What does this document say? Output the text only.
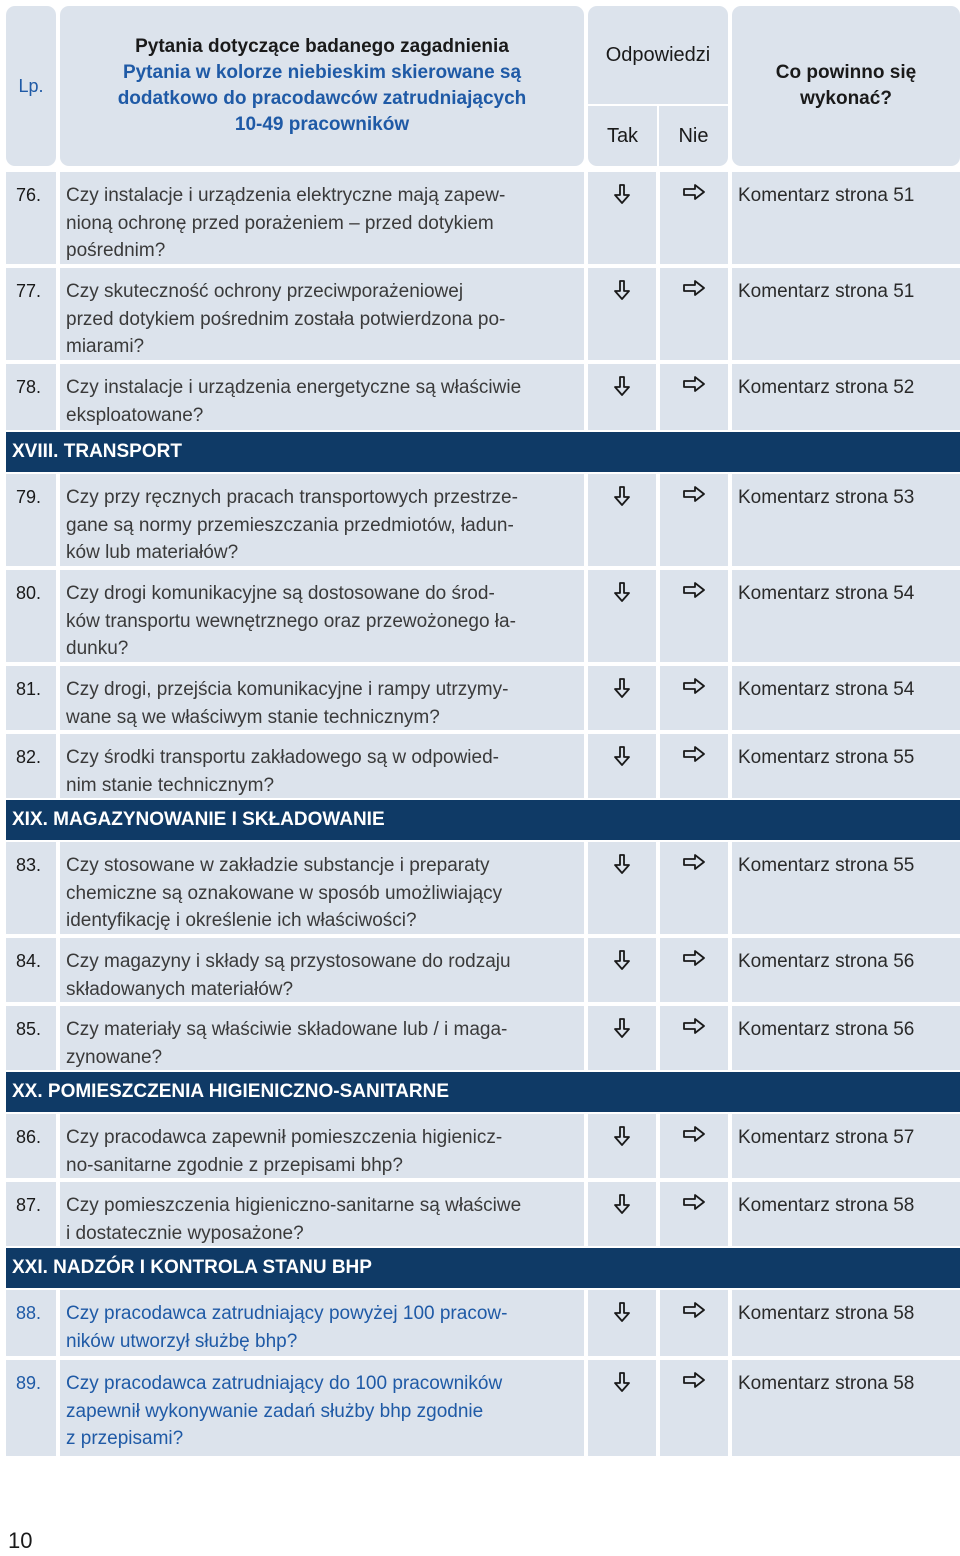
Lp.
Pytania dotyczące badanego zagadnienia
Pytania w kolorze niebieskim skierowane są
dodatkowo do pracodawców zatrudniających
10-49 pracowników
Odpowiedzi
Tak	Nie
Co powinno się
wykonać?
76.	Czy instalacje i urządzenia elektryczne mają zapew-
nioną ochronę przed porażeniem – przed dotykiem
pośrednim?
Komentarz strona 51
77.	Czy skuteczność ochrony przeciwporażeniowej
przed dotykiem pośrednim została potwierdzona po-
miarami?
Komentarz strona 51
78.	Czy instalacje i urządzenia energetyczne są właściwie
eksploatowane?
Komentarz strona 52
XVIII. TRANSPORT
79.	Czy przy ręcznych pracach transportowych przestrze-
gane są normy przemieszczania przedmiotów, ładun-
ków lub materiałów?
Komentarz strona 53
80.	Czy drogi komunikacyjne są dostosowane do środ-
ków transportu wewnętrznego oraz przewożonego ła-
dunku?
Komentarz strona 54
81.	Czy drogi, przejścia komunikacyjne i rampy utrzymy-
wane są we właściwym stanie technicznym?
Komentarz strona 54
82.	Czy środki transportu zakładowego są w odpowied-
nim stanie technicznym?
Komentarz strona 55
XIX. MAGAZYNOWANIE I SKŁADOWANIE
83.	Czy stosowane w zakładzie substancje i preparaty
chemiczne są oznakowane w sposób umożliwiający
identyfikację i określenie ich właściwości?
Komentarz strona 55
84.	Czy magazyny i składy są przystosowane do rodzaju
składowanych materiałów?
Komentarz strona 56
85.	Czy materiały są właściwie składowane lub / i maga-
zynowane?
Komentarz strona 56
XX. POMIESZCZENIA HIGIENICZNO-SANITARNE
86.	Czy pracodawca zapewnił pomieszczenia higienicz-
no-sanitarne zgodnie z przepisami bhp?
Komentarz strona 57
87.	Czy pomieszczenia higieniczno-sanitarne są właściwe
i dostatecznie wyposażone?
Komentarz strona 58
XXI. NADZÓR I KONTROLA STANU BHP
88.	Czy pracodawca zatrudniający powyżej 100 pracow-
ników utworzył służbę bhp?
Komentarz strona 58
89.	Czy pracodawca zatrudniający do 100 pracowników
zapewnił wykonywanie zadań służby bhp zgodnie
z przepisami?
Komentarz strona 58
10
